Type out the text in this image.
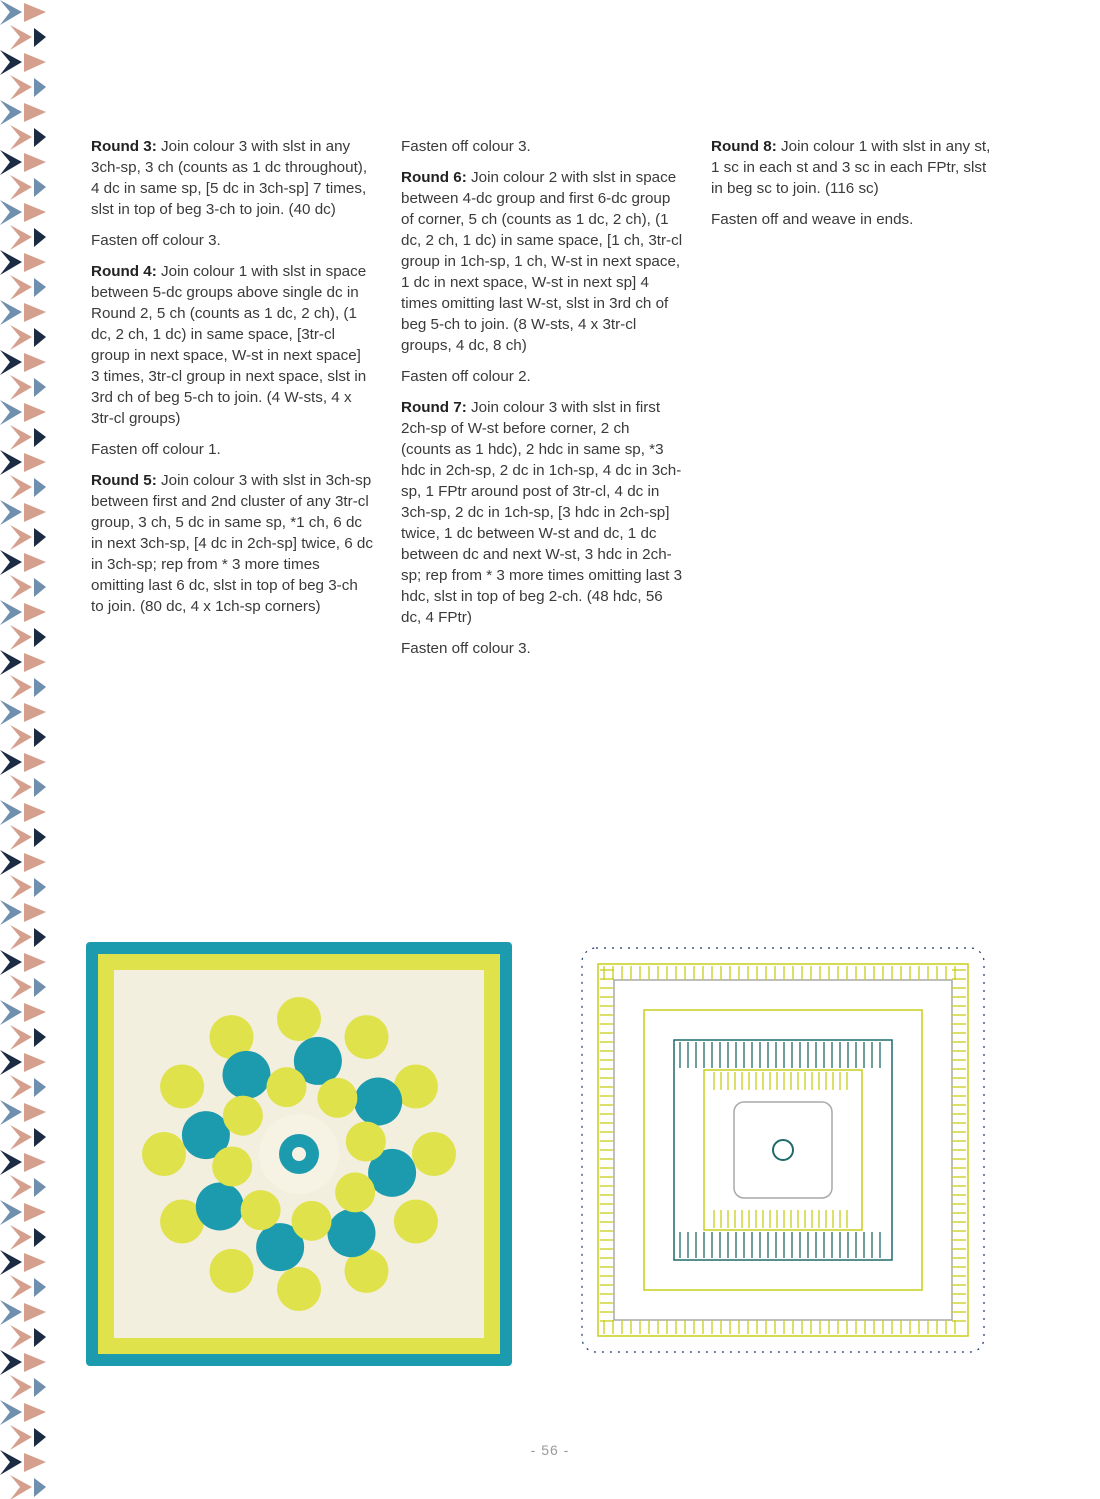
Round 3: Join colour 3 with slst in any 3ch-sp, 3 ch (counts as 1 dc throughout), 4 dc in same sp, [5 dc in 3ch-sp] 7 times, slst in top of beg 3-ch to join. (40 dc)

Fasten off colour 3.

Round 4: Join colour 1 with slst in space between 5-dc groups above single dc in Round 2, 5 ch (counts as 1 dc, 2 ch), (1 dc, 2 ch, 1 dc) in same space, [3tr-cl group in next space, W-st in next space] 3 times, 3tr-cl group in next space, slst in 3rd ch of beg 5-ch to join. (4 W-sts, 4 x 3tr-cl groups)

Fasten off colour 1.

Round 5: Join colour 3 with slst in 3ch-sp between first and 2nd cluster of any 3tr-cl group, 3 ch, 5 dc in same sp, *1 ch, 6 dc in next 3ch-sp, [4 dc in 2ch-sp] twice, 6 dc in 3ch-sp; rep from * 3 more times omitting last 6 dc, slst in top of beg 3-ch to join. (80 dc, 4 x 1ch-sp corners)

Fasten off colour 3.

Round 6: Join colour 2 with slst in space between 4-dc group and first 6-dc group of corner, 5 ch (counts as 1 dc, 2 ch), (1 dc, 2 ch, 1 dc) in same space, [1 ch, 3tr-cl group in 1ch-sp, 1 ch, W-st in next space, 1 dc in next space, W-st in next sp] 4 times omitting last W-st, slst in 3rd ch of beg 5-ch to join. (8 W-sts, 4 x 3tr-cl groups, 4 dc, 8 ch)

Fasten off colour 2.

Round 7: Join colour 3 with slst in first 2ch-sp of W-st before corner, 2 ch (counts as 1 hdc), 2 hdc in same sp, *3 hdc in 2ch-sp, 2 dc in 1ch-sp, 4 dc in 3ch-sp, 1 FPtr around post of 3tr-cl, 4 dc in 3ch-sp, 2 dc in 1ch-sp, [3 hdc in 2ch-sp] twice, 1 dc between W-st and dc, 1 dc between dc and next W-st, 3 hdc in 2ch-sp; rep from * 3 more times omitting last 3 hdc, slst in top of beg 2-ch. (48 hdc, 56 dc, 4 FPtr)

Fasten off colour 3.

Round 8: Join colour 1 with slst in any st, 1 sc in each st and 3 sc in each FPtr, slst in beg sc to join. (116 sc)

Fasten off and weave in ends.

- 56 -
